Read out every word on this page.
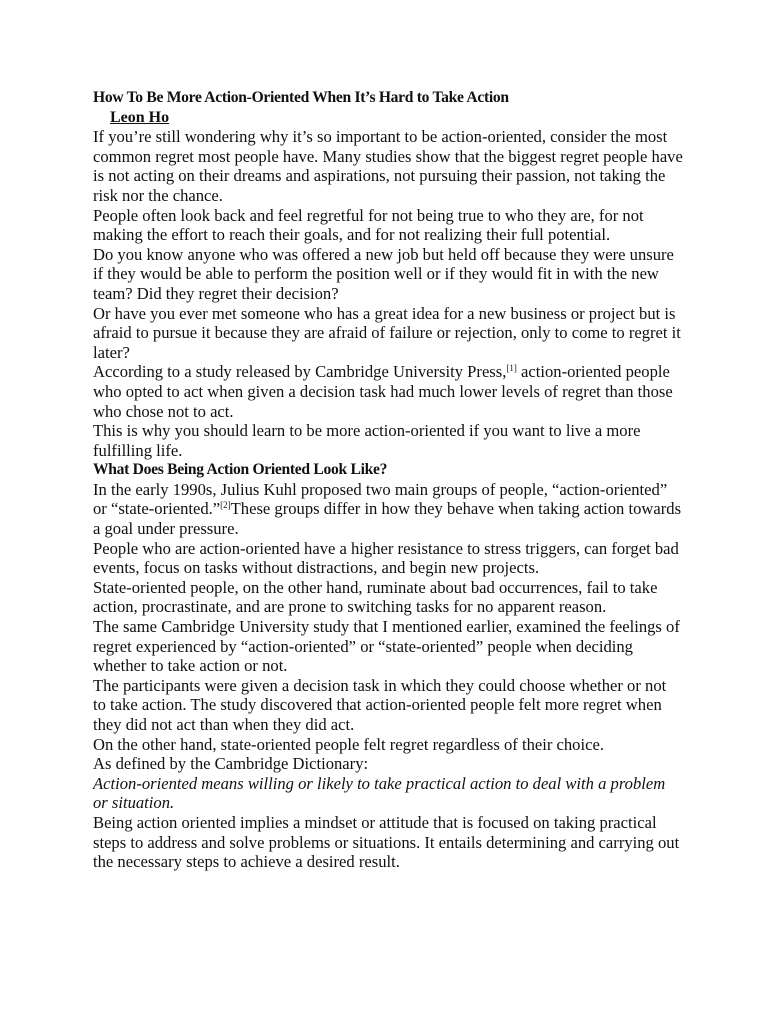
How To Be More Action-Oriented When It’s Hard to Take Action

Leon Ho

If you’re still wondering why it’s so important to be action-oriented, consider the most common regret most people have. Many studies show that the biggest regret people have is not acting on their dreams and aspirations, not pursuing their passion, not taking the risk nor the chance.

People often look back and feel regretful for not being true to who they are, for not making the effort to reach their goals, and for not realizing their full potential.

Do you know anyone who was offered a new job but held off because they were unsure if they would be able to perform the position well or if they would fit in with the new team? Did they regret their decision?

Or have you ever met someone who has a great idea for a new business or project but is afraid to pursue it because they are afraid of failure or rejection, only to come to regret it later?

According to a study released by Cambridge University Press,[1] action-oriented people who opted to act when given a decision task had much lower levels of regret than those who chose not to act.

This is why you should learn to be more action-oriented if you want to live a more fulfilling life.

What Does Being Action Oriented Look Like?

In the early 1990s, Julius Kuhl proposed two main groups of people, “action-oriented” or “state-oriented.”[2]These groups differ in how they behave when taking action towards a goal under pressure.

People who are action-oriented have a higher resistance to stress triggers, can forget bad events, focus on tasks without distractions, and begin new projects.

State-oriented people, on the other hand, ruminate about bad occurrences, fail to take action, procrastinate, and are prone to switching tasks for no apparent reason.

The same Cambridge University study that I mentioned earlier, examined the feelings of regret experienced by “action-oriented” or “state-oriented” people when deciding whether to take action or not.

The participants were given a decision task in which they could choose whether or not to take action. The study discovered that action-oriented people felt more regret when they did not act than when they did act.

On the other hand, state-oriented people felt regret regardless of their choice.

As defined by the Cambridge Dictionary:

Action-oriented means willing or likely to take practical action to deal with a problem or situation.

Being action oriented implies a mindset or attitude that is focused on taking practical steps to address and solve problems or situations. It entails determining and carrying out the necessary steps to achieve a desired result.
